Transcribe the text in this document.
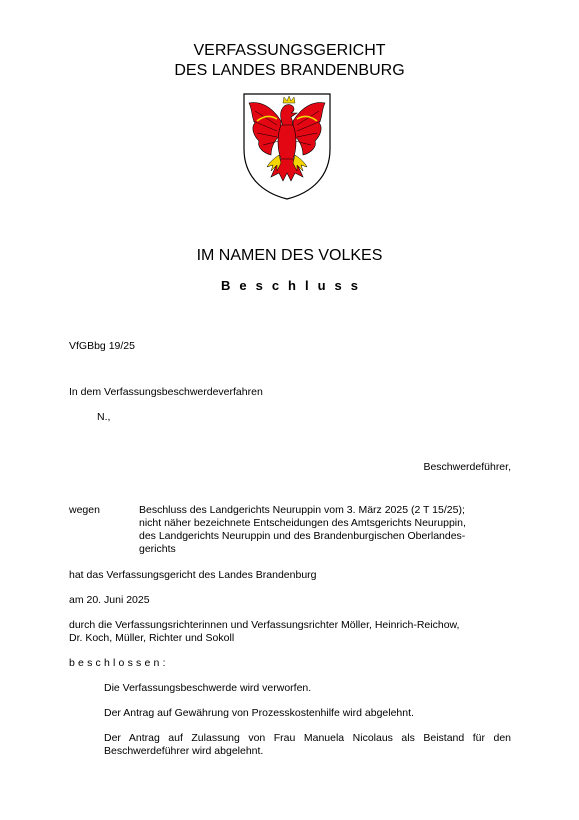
VERFASSUNGSGERICHT
DES LANDES BRANDENBURG
IM NAMEN DES VOLKES
Beschluss
VfGBbg 19/25
In dem Verfassungsbeschwerdeverfahren
N.,
Beschwerdeführer,
wegen	Beschluss des Landgerichts Neuruppin vom 3. März 2025 (2 T 15/25);
nicht näher bezeichnete Entscheidungen des Amtsgerichts Neuruppin,
des Landgerichts Neuruppin und des Brandenburgischen Oberlandes-
gerichts
hat das Verfassungsgericht des Landes Brandenburg
am 20. Juni 2025
durch die Verfassungsrichterinnen und Verfassungsrichter Möller, Heinrich-Reichow,
Dr. Koch, Müller, Richter und Sokoll
beschlossen:
Die Verfassungsbeschwerde wird verworfen.
Der Antrag auf Gewährung von Prozesskostenhilfe wird abgelehnt.
Der Antrag auf Zulassung von Frau Manuela Nicolaus als Beistand für den Beschwerdeführer wird abgelehnt.
